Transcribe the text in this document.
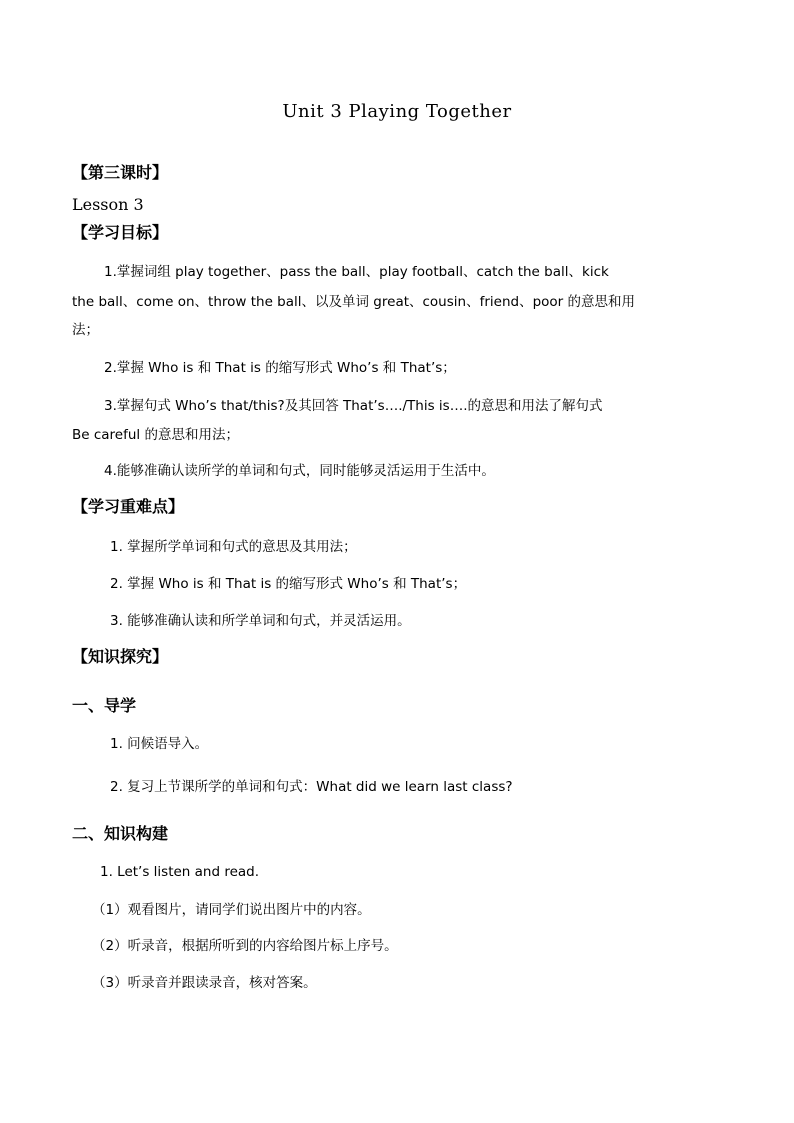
Unit 3 Playing Together
【第三课时】
Lesson 3
【学习目标】
1.掌握词组 play together、pass the ball、play football、catch the ball、kick
the ball、come on、throw the ball、以及单词 great、cousin、friend、poor 的意思和用
法；
2.掌握 Who is 和 That is 的缩写形式 Who’s 和 That’s；
3.掌握句式 Who’s that/this?及其回答 That’s…./This is….的意思和用法了解句式
Be careful 的意思和用法；
4.能够准确认读所学的单词和句式，同时能够灵活运用于生活中。
【学习重难点】
1. 掌握所学单词和句式的意思及其用法；
2. 掌握 Who is 和 That is 的缩写形式 Who’s 和 That’s；
3. 能够准确认读和所学单词和句式，并灵活运用。
【知识探究】
一、导学
1. 问候语导入。
2. 复习上节课所学的单词和句式：What did we learn last class?
二、知识构建
1. Let’s listen and read.
（1）观看图片，请同学们说出图片中的内容。
（2）听录音，根据所听到的内容给图片标上序号。
（3）听录音并跟读录音，核对答案。
